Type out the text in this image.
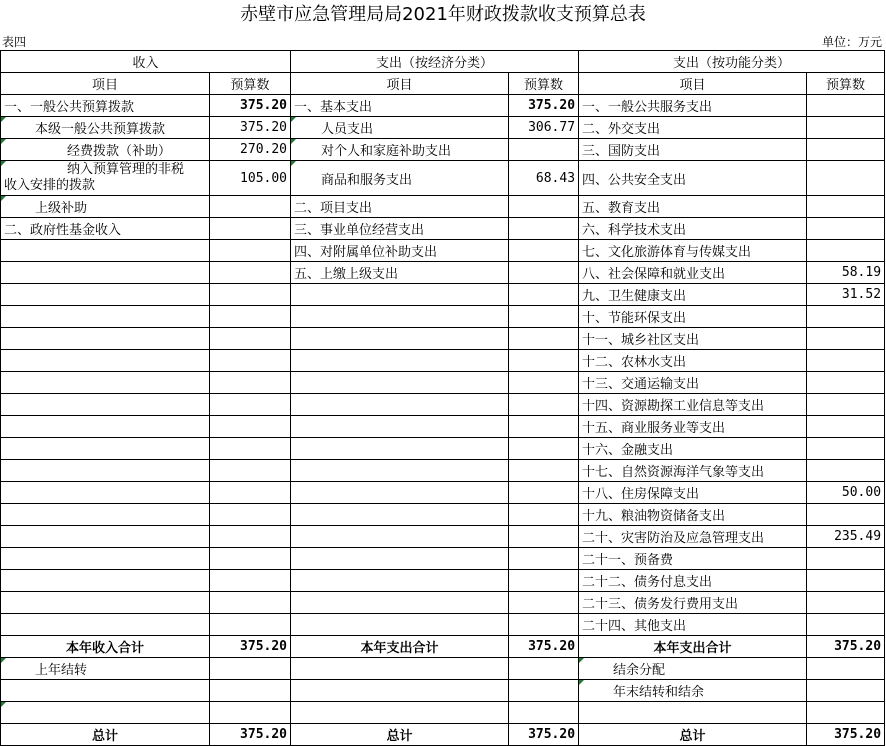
赤壁市应急管理局局2021年财政拨款收支预算总表
表四	单位：万元
收入		支出（按经济分类）		支出（按功能分类）	
项目	预算数	项目	预算数	项目	预算数
一、一般公共预算拨款	375.20	一、基本支出	375.20	一、一般公共服务支出	
本级一般公共预算拨款	375.20	人员支出	306.77	二、外交支出	
经费拨款（补助）	270.20	对个人和家庭补助支出		三、国防支出	

纳入预算管理的非税
收入安排的拨款	105.00	商品和服务支出	68.43	四、公共安全支出	
上级补助		二、项目支出		五、教育支出	
二、政府性基金收入		三、事业单位经营支出		六、科学技术支出	
		四、对附属单位补助支出		七、文化旅游体育与传媒支出	
		五、上缴上级支出		八、社会保障和就业支出	58.19
				九、卫生健康支出	31.52
				十、节能环保支出	
				十一、城乡社区支出	
				十二、农林水支出	
				十三、交通运输支出	
				十四、资源勘探工业信息等支出	
				十五、商业服务业等支出	
				十六、金融支出	
				十七、自然资源海洋气象等支出	
				十八、住房保障支出	50.00
				十九、粮油物资储备支出	
				二十、灾害防治及应急管理支出	235.49
				二十一、预备费	
				二十二、债务付息支出	
				二十三、债务发行费用支出	
				二十四、其他支出	
本年收入合计	375.20	本年支出合计	375.20	本年支出合计	375.20
上年结转				结余分配	
				年末结转和结余	

总计	375.20	总计	375.20	总计	375.20
